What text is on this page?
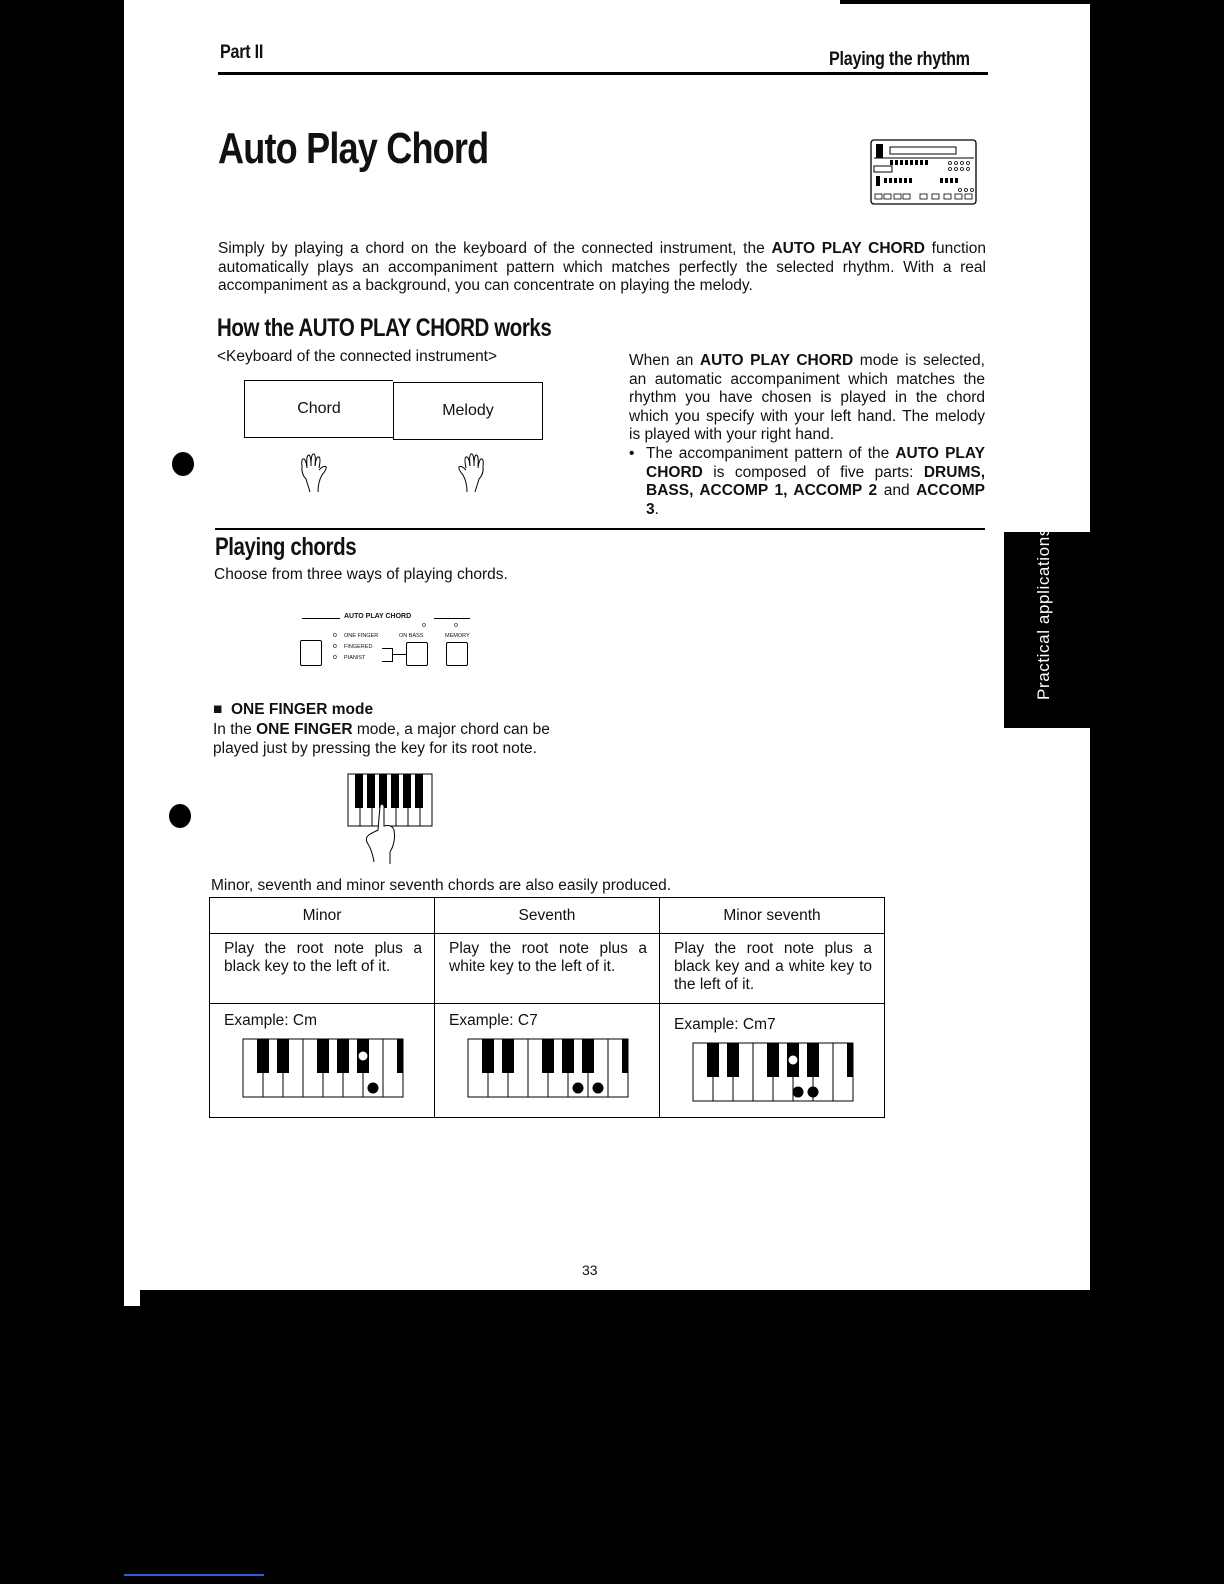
Part II	Playing the rhythm
Auto Play Chord
Simply by playing a chord on the keyboard of the connected instrument, the AUTO PLAY CHORD function automatically plays an accompaniment pattern which matches perfectly the selected rhythm. With a real accompaniment as a background, you can concentrate on playing the melody.
How the AUTO PLAY CHORD works
<Keyboard of the connected instrument>
Chord	Melody
When an AUTO PLAY CHORD mode is selected, an automatic accompaniment which matches the rhythm you have chosen is played in the chord which you specify with your left hand. The melody is played with your right hand.
• The accompaniment pattern of the AUTO PLAY CHORD is composed of five parts: DRUMS, BASS, ACCOMP 1, ACCOMP 2 and ACCOMP 3.
Practical applications
Playing chords
Choose from three ways of playing chords.
AUTO PLAY CHORD
o	o
o ONE FINGER	ON BASS	MEMORY
o FINGERED
o PIANIST
■ ONE FINGER mode
In the ONE FINGER mode, a major chord can be played just by pressing the key for its root note.
Minor, seventh and minor seventh chords are also easily produced.
Minor	Seventh	Minor seventh

Play the root note plus a black key to the left of it.	Play the root note plus a white key to the left of it.	Play the root note plus a black key and a white key to the left of it.

Example: Cm	Example: C7	Example: Cm7
33
